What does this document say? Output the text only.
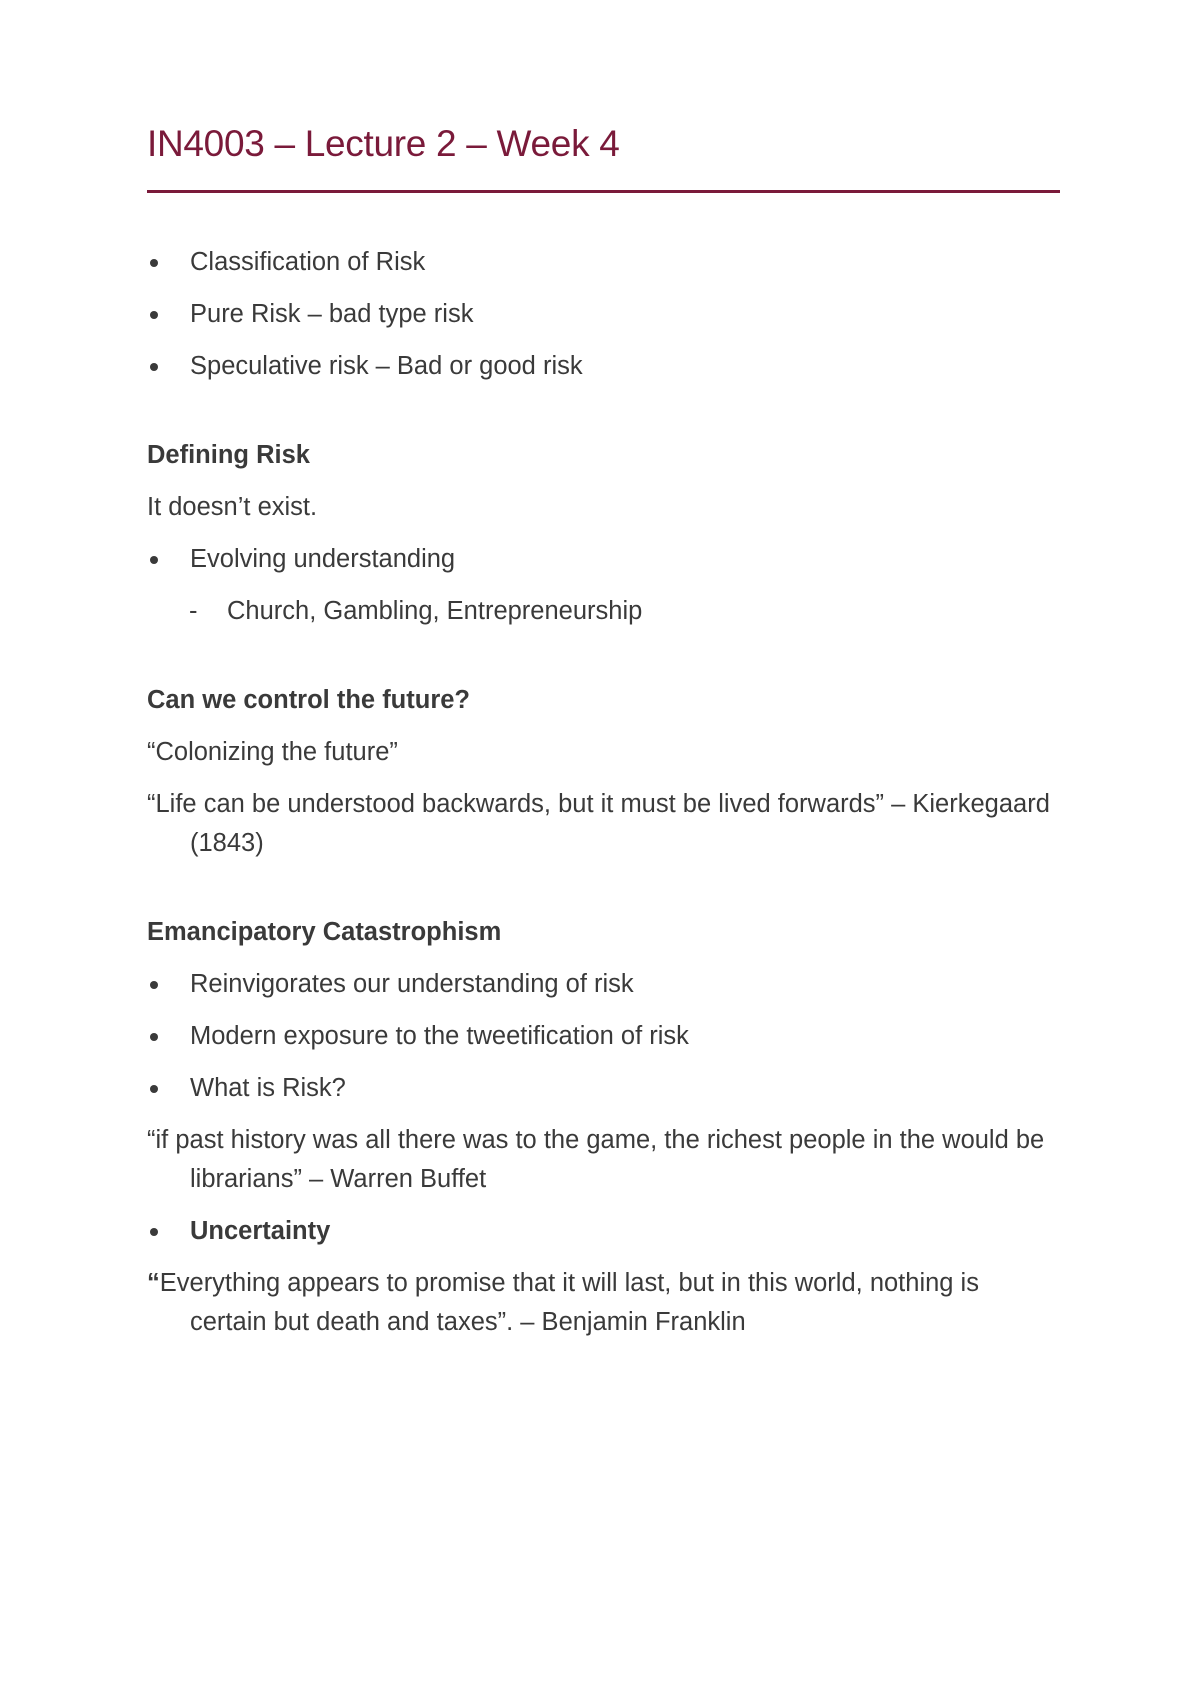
IN4003 – Lecture 2 – Week 4
Classification of Risk
Pure Risk – bad type risk
Speculative risk – Bad or good risk
Defining Risk
It doesn’t exist.
Evolving understanding
- Church, Gambling, Entrepreneurship
Can we control the future?
“Colonizing the future”
“Life can be understood backwards, but it must be lived forwards” – Kierkegaard (1843)
Emancipatory Catastrophism
Reinvigorates our understanding of risk
Modern exposure to the tweetification of risk
What is Risk?
“if past history was all there was to the game, the richest people in the would be librarians” – Warren Buffet
Uncertainty
“Everything appears to promise that it will last, but in this world, nothing is certain but death and taxes”. – Benjamin Franklin
